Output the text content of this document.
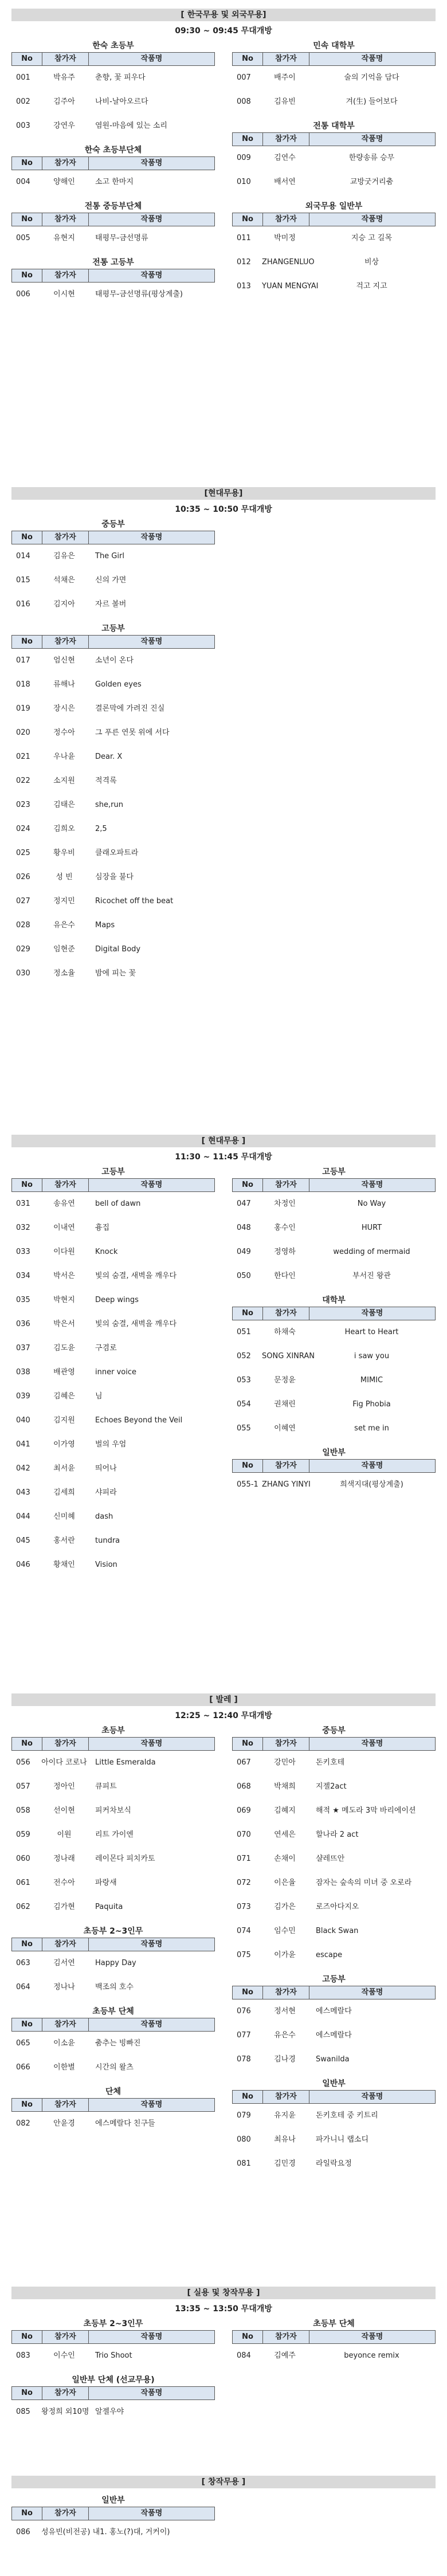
[ 한국무용 및 외국무용]
09:30 ~ 09:45 무대개방
한숙 초등부
No	참가자	작품명
001	박유주	춘향, 꽃 피우다
002	김주아	나비-날아오르다
003	강연우	염원-마음에 있는 소리
한숙 초등부단체
No	참가자	작품명
004	양해인	소고 한마지
전통 중등부단체
No	참가자	작품명
005	유현지	태평무-금선명류
전통 고등부
No	참가자	작품명
006	이시현	태평무-금선명류(평상계출)
민속 대학부
No	참가자	작품명
007	배주이	술의 기억을 담다
008	김유빈	겨(生) 들어보다
전통 대학부
No	참가자	작품명
009	김연수	한량송류 승무
010	배서연	교방굿거리춤
외국무용 일반부
No	참가자	작품명
011	박미정	지승 고 길목
012	ZHANGENLUO	비상
013	YUAN MENGYAI	걱고 지고
[현대무용]
10:35 ~ 10:50 무대개방
중등부
No	참가자	작품명
014	김유은	The Girl
015	석채은	신의 가면
016	김지아	자르 볼버
고등부
No	참가자	작품명
017	엄신현	소년이 온다
018	류해나	Golden eyes
019	장시은	결론막에 가려진 진실
020	정수아	그 푸른 연못 위에 서다
021	우나윤	Dear. X
022	소지원	적격록
023	김태은	she,run
024	김희오	2,5
025	황우비	클래오파트라
026	성 빈	심장을 불다
027	정지민	Ricochet off the beat
028	유은수	Maps
029	임현준	Digital Body
030	정소율	밤에 피는 꽃
[ 현대무용 ]
11:30 ~ 11:45 무대개방
고등부
No	참가자	작품명
031	송유연	bell of dawn
032	이내연	흉집
033	이다원	Knock
034	박서은	빛의 숨결, 새벽을 깨우다
035	박현지	Deep wings
036	박은서	빛의 숨결, 새벽을 깨우다
037	김도윤	구겸로
038	배관영	inner voice
039	김혜은	님
040	김지원	Echoes Beyond the Veil
041	이가영	벌의 우엄
042	최서윤	띄어나
043	김세희	샤피라
044	신미혜	dash
045	홍서란	tundra
046	황채인	Vision
고등부
No	참가자	작품명
047	차정인	No Way
048	홍수인	HURT
049	정영하	wedding of mermaid
050	한다인	부서진 왕관
대학부
No	참가자	작품명
051	하채숙	Heart to Heart
052	SONG XINRAN	i saw you
053	문정윤	MIMIC
054	권채린	Fig Phobia
055	이혜연	set me in
일반부
No	참가자	작품명
055-1 ZHANG YINYI	희색지대(평상계출)
[ 발레 ]
12:25 ~ 12:40 무대개방
초등부
No	참가자	작품명
056	아이다 코로나	Little Esmeralda
057	정아인	큐피트
058	선이현	피커차보식
059	이원	리트 가이엔
060	정나래	레이몬다 피치카토
061	전수아	파랑새
062	김가현	Paquita
초등부 2~3인무
No	참가자	작품명
063	김서연	Happy Day
064	정나나	백조의 호수
초등부 단체
No	참가자	작품명
065	이소윤	춤추는 빙빠진
066	이한별	시간의 왈츠
단체
No	참가자	작품명
082	안윤경	에스메랄다 친구들
중등부
No	참가자	작품명
067	강민아	돈키호테
068	박채희	지젤2act
069	김혜지	해적 ★ 메도라 3막 바리에이션
070	연세은	할나라 2 act
071	손채이	샬레뜨안
072	이은율	잠자는 숲속의 미녀 중 오로라
073	김가은	로즈아다지오
074	임수민	Black Swan
075	이가윤	escape
고등부
No	참가자	작품명
076	정서현	에스메랄다
077	유은수	에스메랄다
078	김나경	Swanilda
일반부
No	참가자	작품명
079	유지윤	돈키호테 중 키트리
080	최유나	파가니니 랩소디
081	김민경	라일락요정
[ 실용 및 창작무용 ]
13:35 ~ 13:50 무대개방
초등부 2~3인무
No	참가자	작품명
083	이수인	Trio Shoot
일반부 단체 (선교무용)
No	참가자	작품명
085	왕정희 외10명 알젤우야
초등부 단체
No	참가자	작품명
084	김예주	beyonce remix
[ 창작무용 ]
일반부
No	참가자	작품명
086	성유빈(비전공) 내1. 홍노(?)대, 거커이)
